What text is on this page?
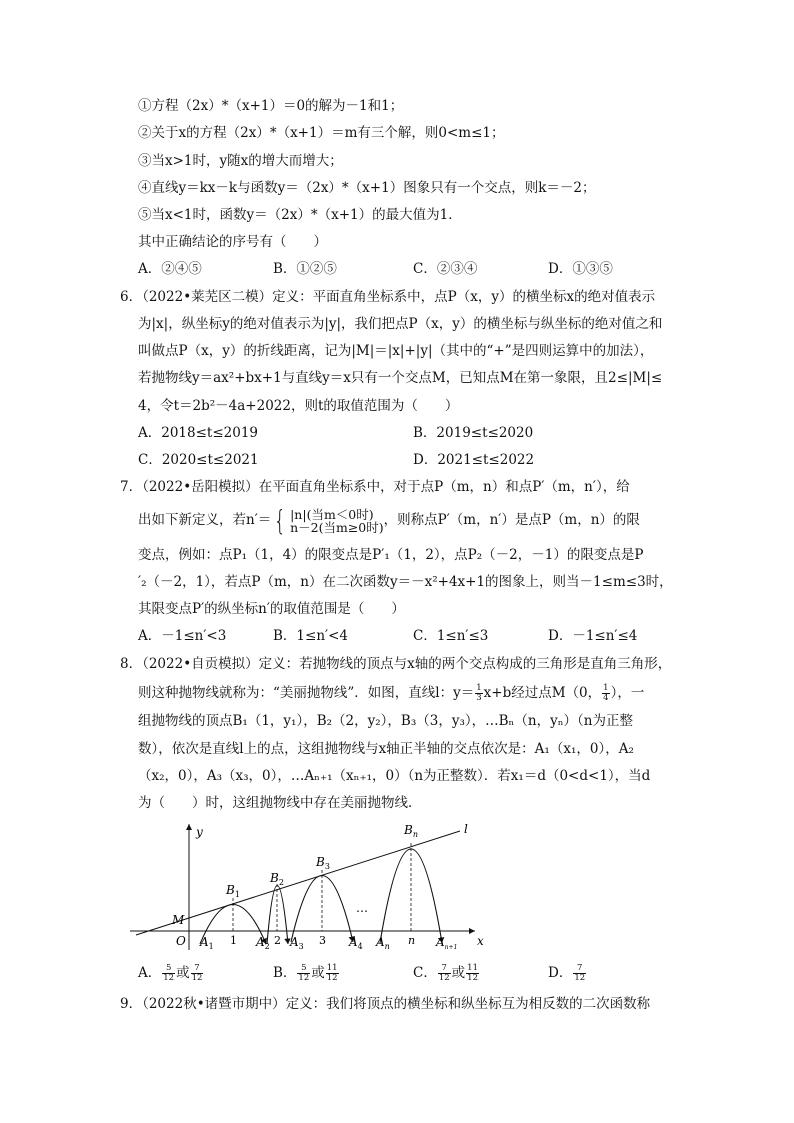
①方程（2x）*（x+1）＝0的解为－1和1；
②关于x的方程（2x）*（x+1）＝m有三个解，则0<m≤1；
③当x>1时，y随x的增大而增大；
④直线y＝kx－k与函数y＝（2x）*（x+1）图象只有一个交点，则k＝－2；
⑤当x<1时，函数y＝（2x）*（x+1）的最大值为1．
其中正确结论的序号有（　　）
A．②④⑤	B．①②⑤	C．②③④	D．①③⑤
6．（2022•莱芜区二模）定义：平面直角坐标系中，点P（x，y）的横坐标x的绝对值表示
为|x|，纵坐标y的绝对值表示为|y|，我们把点P（x，y）的横坐标与纵坐标的绝对值之和
叫做点P（x，y）的折线距离，记为|M|＝|x|+|y|（其中的“+”是四则运算中的加法），
若抛物线y＝ax²+bx+1与直线y＝x只有一个交点M，已知点M在第一象限，且2≤|M|≤
4，令t＝2b²－4a+2022，则t的取值范围为（　　）
A．2018≤t≤2019	B．2019≤t≤2020
C．2020≤t≤2021	D．2021≤t≤2022
7．（2022•岳阳模拟）在平面直角坐标系中，对于点P（m，n）和点P′（m，n′），给
出如下新定义，若n′＝{ |n|(当m＜0时)
n－2(当m≥0时) ，则称点P′（m，n′）是点P（m，n）的限
变点，例如：点P₁（1，4）的限变点是P′₁（1，2），点P₂（－2，－1）的限变点是P
′₂（－2，1），若点P（m，n）在二次函数y＝－x²+4x+1的图象上，则当－1≤m≤3时，
其限变点P′的纵坐标n′的取值范围是（　　）
A．－1≤n′<3	B．1≤n′<4	C．1≤n′≤3	D．－1≤n′≤4
8．（2022•自贡模拟）定义：若抛物线的顶点与x轴的两个交点构成的三角形是直角三角形，
则这种抛物线就称为：“美丽抛物线”．如图，直线l：$y= \frac{1}{3} x+b$经过点M（0， $\frac{1}{4}$ ），一
组抛物线的顶点B₁（1，y₁），B₂（2，y₂），B₃（3，y₃），…Bₙ（n，yₙ）（n为正整
数），依次是直线l上的点，这组抛物线与x轴正半轴的交点依次是：A₁（x₁，0），A₂
（x₂，0），A₃（x₃，0），…Aₙ₊₁（xₙ₊₁，0）（n为正整数）．若x₁＝d（0<d<1），当d
为（　　）时，这组抛物线中存在美丽抛物线．
y
x
O
M
l
$B_1$
$B_2$
$B_3$
$B_n$
$A_1$	$A_2$ $A_3$	$A_4$ $A_n$	$A_{n+1}$
1	2	3	n
…
A． $\frac{5}{12}$ 或 $\frac{7}{12}$	B． $\frac{5}{12}$ 或 $\frac{11}{12}$	C． $\frac{7}{12}$ 或 $\frac{11}{12}$	D． $\frac{7}{12}$
9．（2022秋•诸暨市期中）定义：我们将顶点的横坐标和纵坐标互为相反数的二次函数称
